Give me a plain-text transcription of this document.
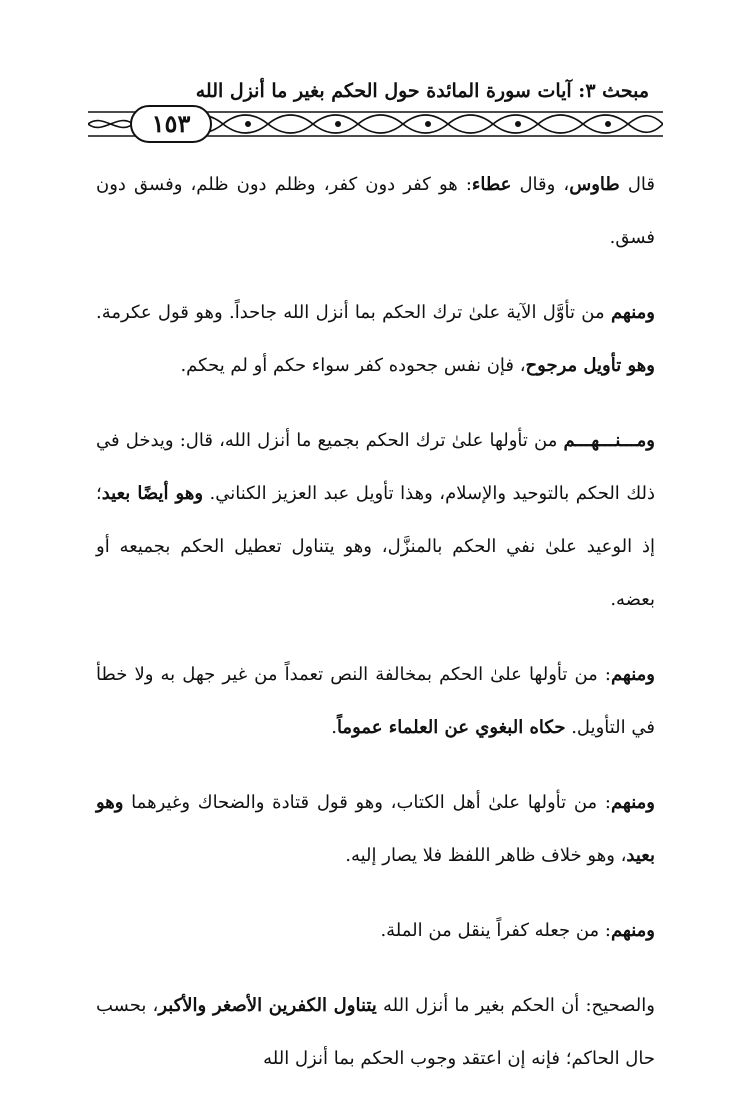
مبحث ٣: آيات سورة المائدة حول الحكم بغير ما أنزل الله
١٥٣

قال طاوس، وقال عطاء: هو كفر دون كفر، وظلم دون ظلم، وفسق دون فسق.

ومنهم من تأوَّل الآية علىٰ ترك الحكم بما أنزل الله جاحداً. وهو قول عكرمة. وهو تأويل مرجوح، فإن نفس جحوده كفر سواء حكم أو لم يحكم.

ومـــنـــهـــم من تأولها علىٰ ترك الحكم بجميع ما أنزل الله، قال: ويدخل في ذلك الحكم بالتوحيد والإسلام، وهذا تأويل عبد العزيز الكناني. وهو أيضًا بعيد؛ إذ الوعيد علىٰ نفي الحكم بالمنزَّل، وهو يتناول تعطيل الحكم بجميعه أو بعضه.

ومنهم: من تأولها علىٰ الحكم بمخالفة النص تعمداً من غير جهل به ولا خطأ في التأويل. حكاه البغوي عن العلماء عموماً.

ومنهم: من تأولها علىٰ أهل الكتاب، وهو قول قتادة والضحاك وغيرهما وهو بعيد، وهو خلاف ظاهر اللفظ فلا يصار إليه.

ومنهم: من جعله كفراً ينقل من الملة.

والصحيح: أن الحكم بغير ما أنزل الله يتناول الكفرين الأصغر والأكبر، بحسب حال الحاكم؛ فإنه إن اعتقد وجوب الحكم بما أنزل الله
